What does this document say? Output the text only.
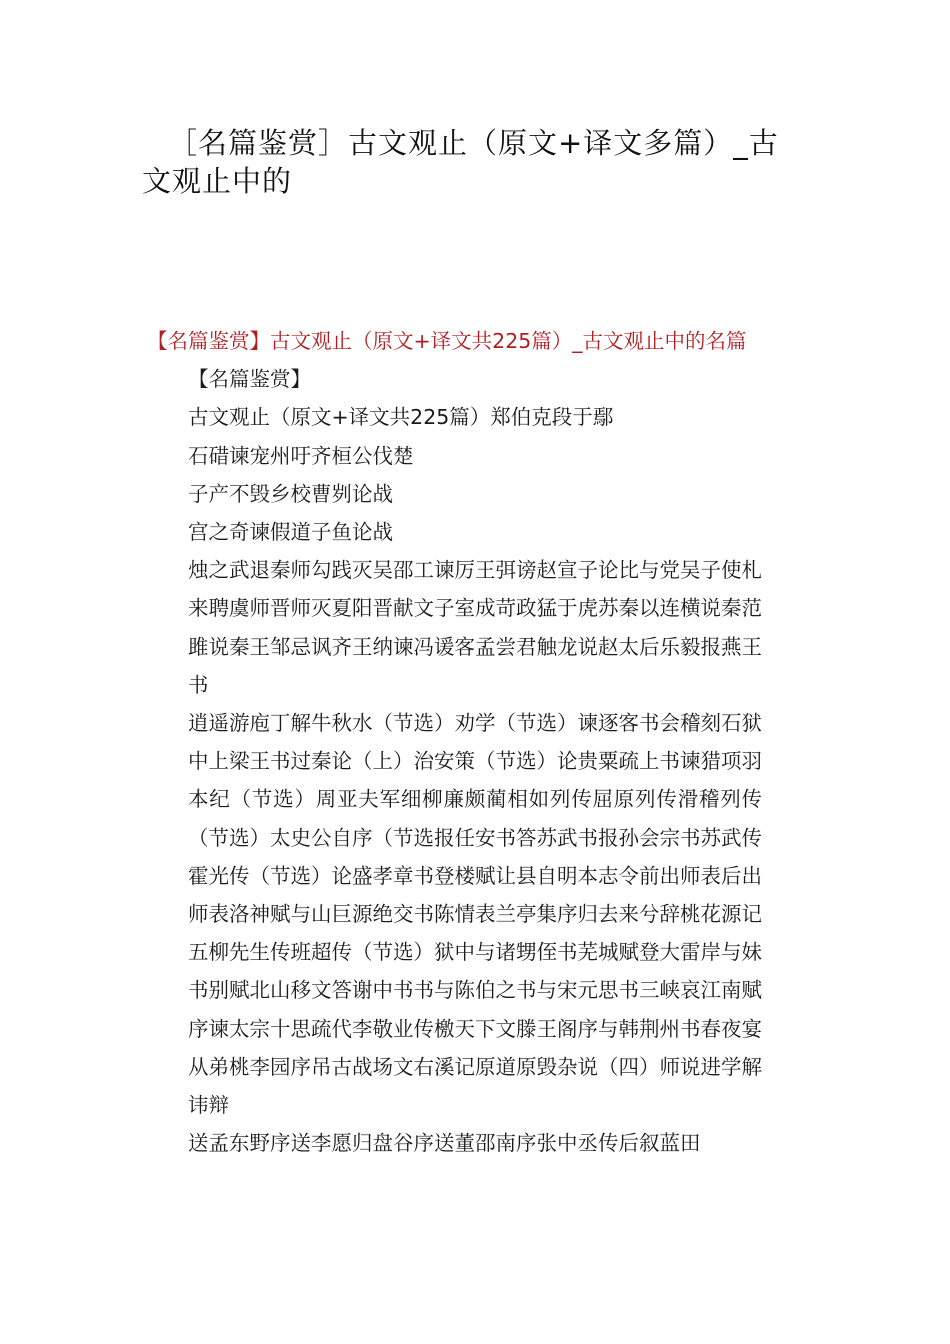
［名篇鉴赏］古文观止（原文+译文多篇）_古文观止中的

【名篇鉴赏】古文观止（原文+译文共225篇）_古文观止中的名篇【名篇鉴赏】

古文观止（原文+译文共225篇）郑伯克段于鄢

石碏谏宠州吁齐桓公伐楚

子产不毁乡校曹刿论战

宫之奇谏假道子鱼论战

烛之武退秦师勾践灭吴邵工谏厉王弭谤赵宣子论比与党吴子使札来聘虞师晋师灭夏阳晋献文子室成苛政猛于虎苏秦以连横说秦范雎说秦王邹忌讽齐王纳谏冯谖客孟尝君触龙说赵太后乐毅报燕王书

逍遥游庖丁解牛秋水（节选）劝学（节选）谏逐客书会稽刻石狱中上梁王书过秦论（上）治安策（节选）论贵粟疏上书谏猎项羽本纪（节选）周亚夫军细柳廉颇蔺相如列传屈原列传滑稽列传（节选）太史公自序（节选报任安书答苏武书报孙会宗书苏武传霍光传（节选）论盛孝章书登楼赋让县自明本志令前出师表后出师表洛神赋与山巨源绝交书陈情表兰亭集序归去来兮辞桃花源记五柳先生传班超传（节选）狱中与诸甥侄书芜城赋登大雷岸与妹书别赋北山移文答谢中书书与陈伯之书与宋元思书三峡哀江南赋序谏太宗十思疏代李敬业传檄天下文滕王阁序与韩荆州书春夜宴从弟桃李园序吊古战场文右溪记原道原毁杂说（四）师说进学解讳辩

送孟东野序送李愿归盘谷序送董邵南序张中丞传后叙蓝田
